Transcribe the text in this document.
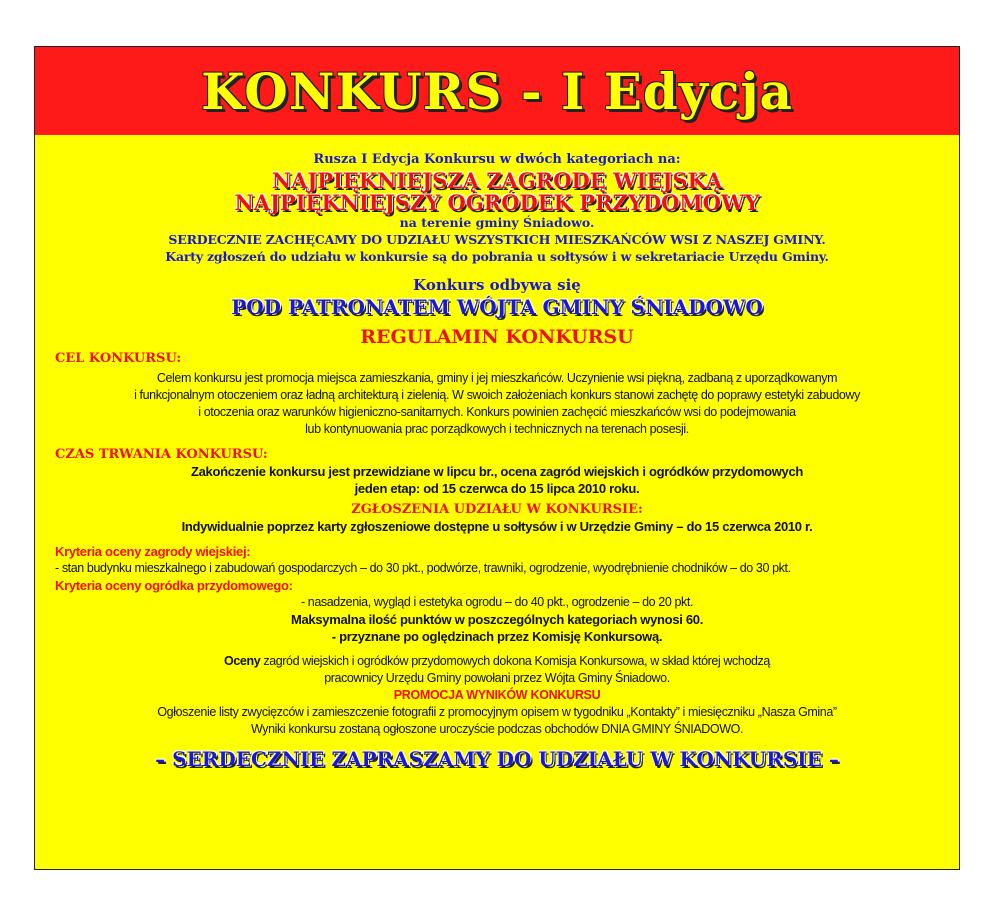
KONKURS - I Edycja

Rusza I Edycja Konkursu w dwóch kategoriach na:

NAJPIĘKNIEJSZĄ ZAGRODĘ WIEJSKĄ

NAJPIĘKNIEJSZY OGRÓDEK PRZYDOMOWY

na terenie gminy Śniadowo.

SERDECZNIE ZACHĘCAMY DO UDZIAŁU WSZYSTKICH MIESZKAŃCÓW WSI Z NASZEJ GMINY.

Karty zgłoszeń do udziału w konkursie są do pobrania u sołtysów i w sekretariacie Urzędu Gminy.

Konkurs odbywa się

POD PATRONATEM WÓJTA GMINY ŚNIADOWO

REGULAMIN KONKURSU

CEL KONKURSU:

Celem konkursu jest promocja miejsca zamieszkania, gminy i jej mieszkańców. Uczynienie wsi piękną, zadbaną z uporządkowanym

i funkcjonalnym otoczeniem oraz ładną architekturą i zielenią. W swoich założeniach konkurs stanowi zachętę do poprawy estetyki zabudowy

i otoczenia oraz warunków higieniczno-sanitarnych. Konkurs powinien zachęcić mieszkańców wsi do podejmowania

lub kontynuowania prac porządkowych i technicznych na terenach posesji.

CZAS TRWANIA KONKURSU:

Zakończenie konkursu jest przewidziane w lipcu br., ocena zagród wiejskich i ogródków przydomowych

jeden etap: od 15 czerwca do 15 lipca 2010 roku.

ZGŁOSZENIA UDZIAŁU W KONKURSIE:

Indywidualnie poprzez karty zgłoszeniowe dostępne u sołtysów i w Urzędzie Gminy – do 15 czerwca 2010 r.

Kryteria oceny zagrody wiejskiej:

- stan budynku mieszkalnego i zabudowań gospodarczych – do 30 pkt., podwórze, trawniki, ogrodzenie, wyodrębnienie chodników – do 30 pkt.

Kryteria oceny ogródka przydomowego:

- nasadzenia, wygląd i estetyka ogrodu – do 40 pkt., ogrodzenie – do 20 pkt.

Maksymalna ilość punktów w poszczególnych kategoriach wynosi 60.

- przyznane po oględzinach przez Komisję Konkursową.

Oceny zagród wiejskich i ogródków przydomowych dokona Komisja Konkursowa, w skład której wchodzą

pracownicy Urzędu Gminy powołani przez Wójta Gminy Śniadowo.

PROMOCJA WYNIKÓW KONKURSU

Ogłoszenie listy zwycięzców i zamieszczenie fotografii z promocyjnym opisem w tygodniku „Kontakty” i miesięczniku „Nasza Gmina”

Wyniki konkursu zostaną ogłoszone uroczyście podczas obchodów DNIA GMINY ŚNIADOWO.

– SERDECZNIE ZAPRASZAMY DO UDZIAŁU W KONKURSIE –
